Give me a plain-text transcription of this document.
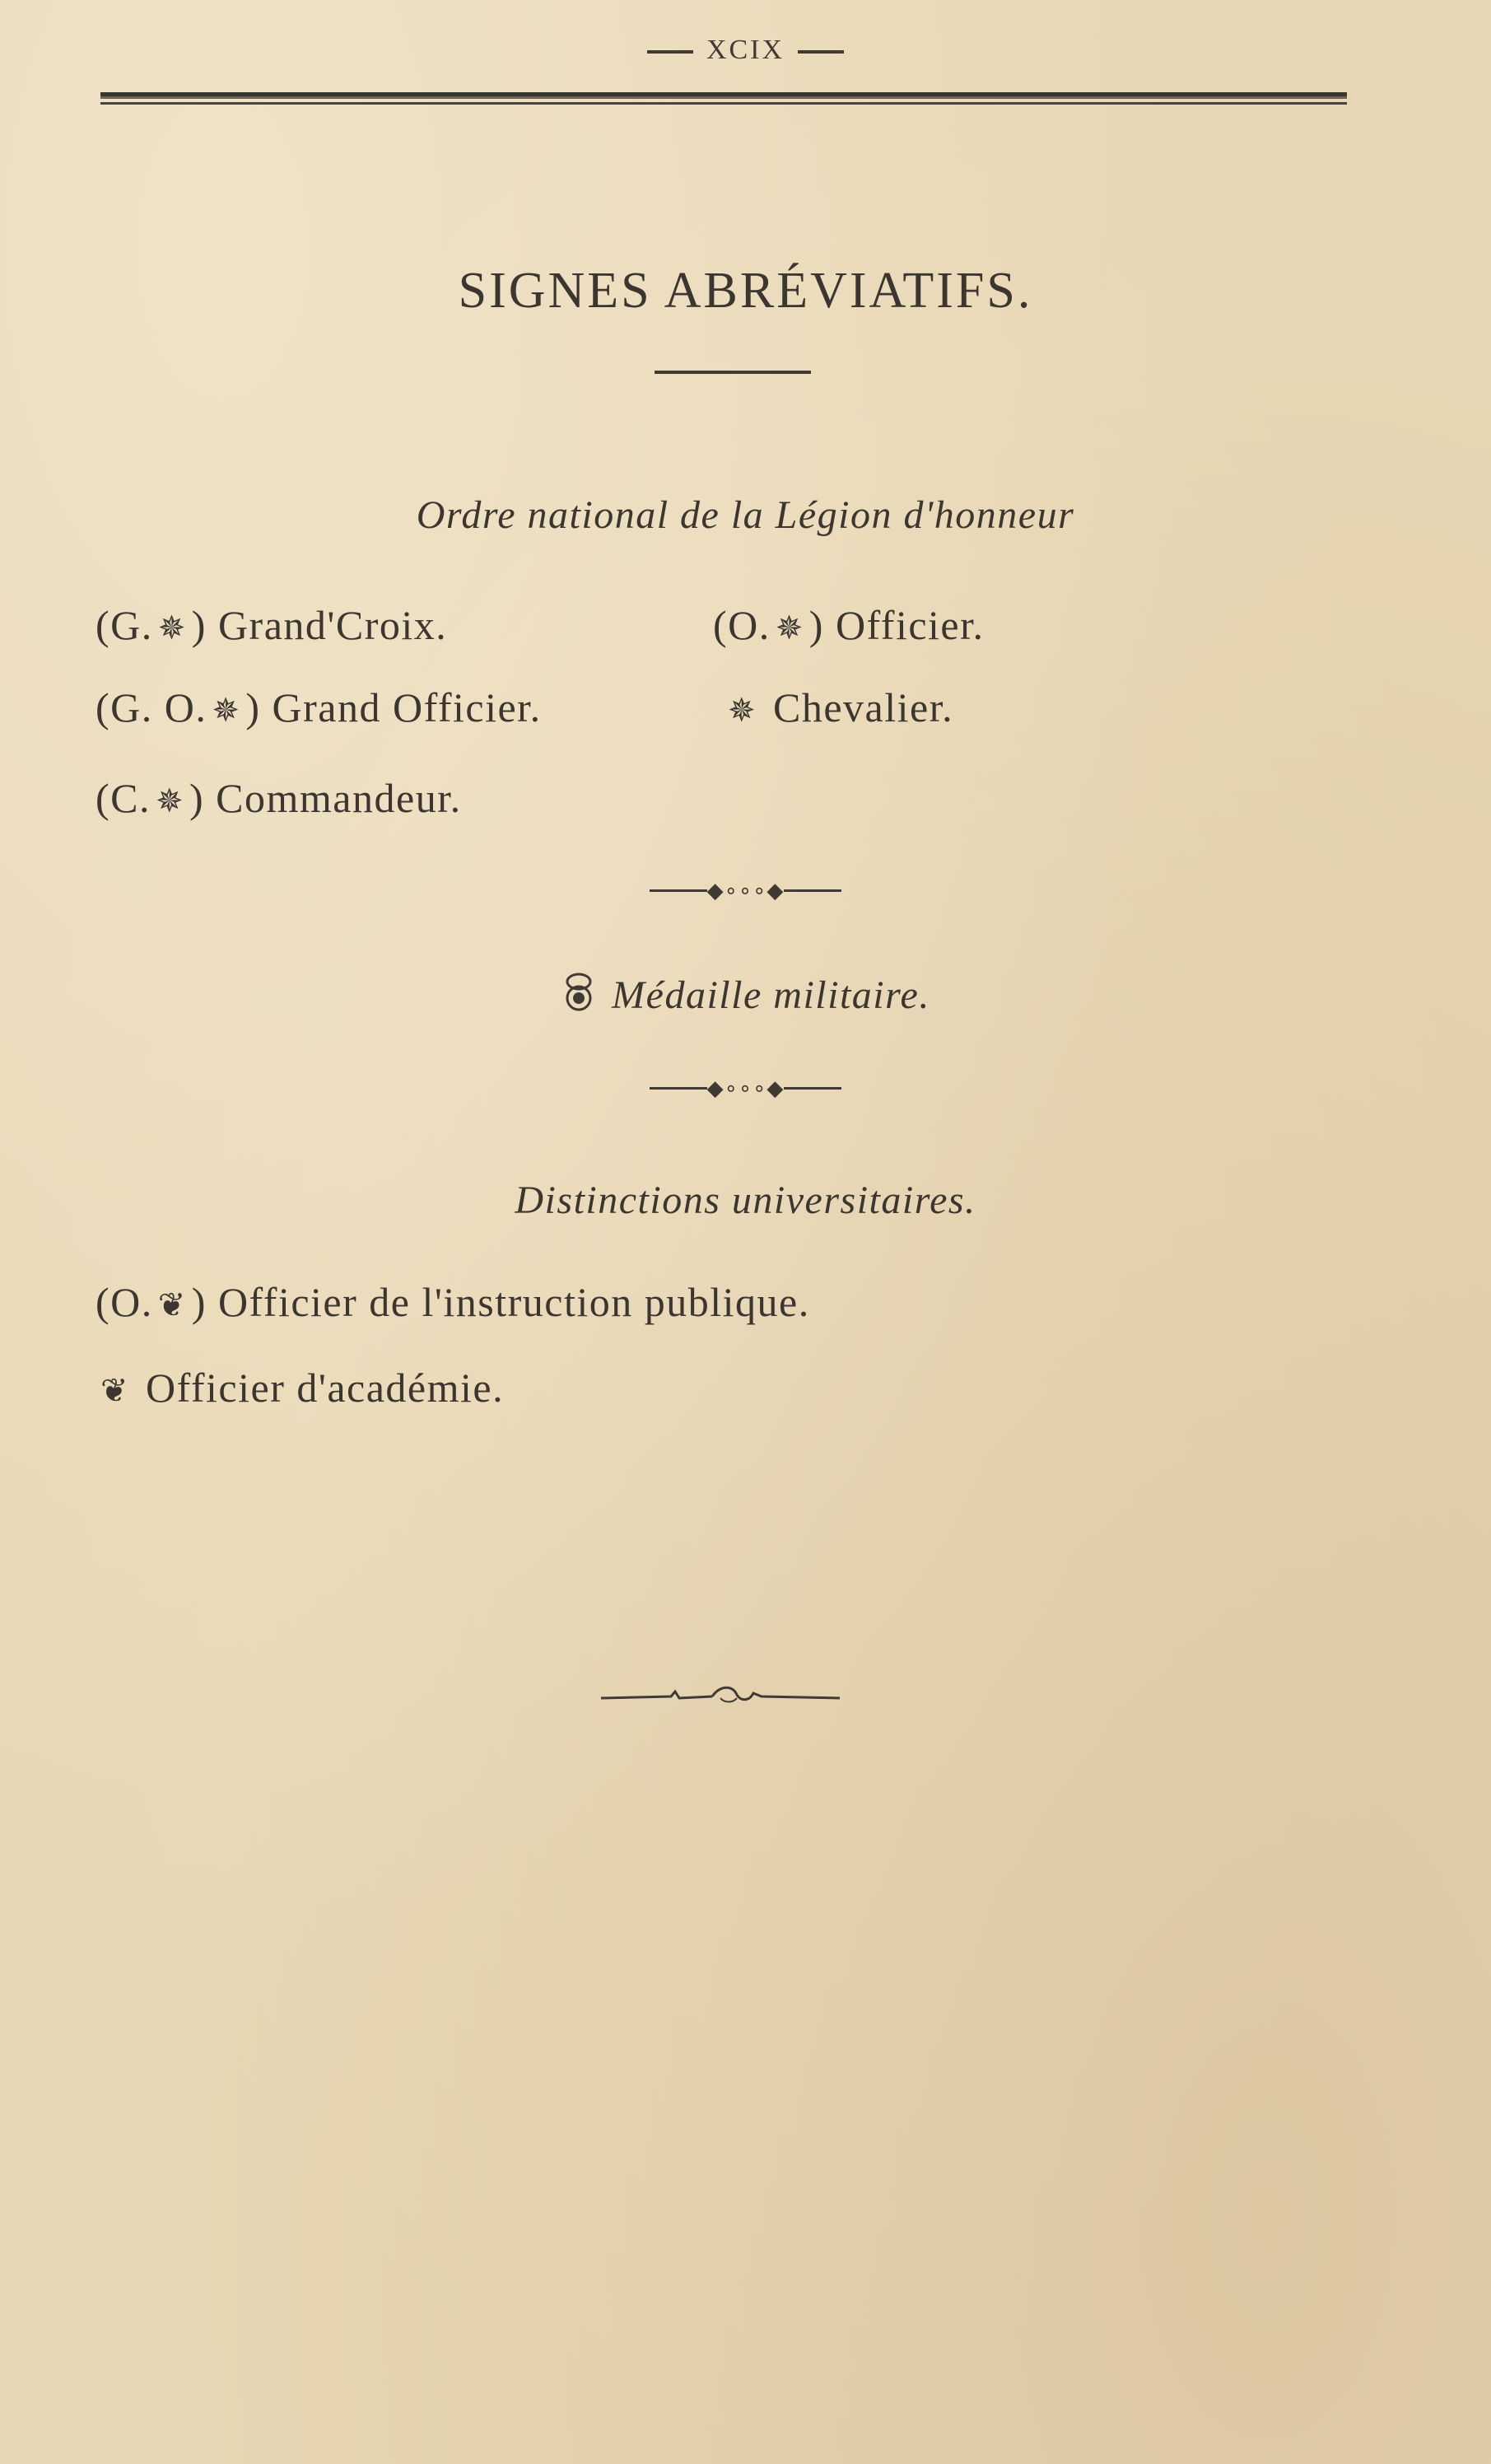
XCIX
SIGNES ABRÉVIATIFS.
Ordre national de la Légion d'honneur
(G. ✵ ) Grand'Croix.
(G. O. ✵ ) Grand Officier.
(C. ✵ ) Commandeur.
(O. ✵ ) Officier.
✵ Chevalier.
◆∘∘∘◆
Médaille militaire.
◆∘∘∘◆
Distinctions universitaires.
(O. ❦ ) Officier de l'instruction publique.
❦ Officier d'académie.
